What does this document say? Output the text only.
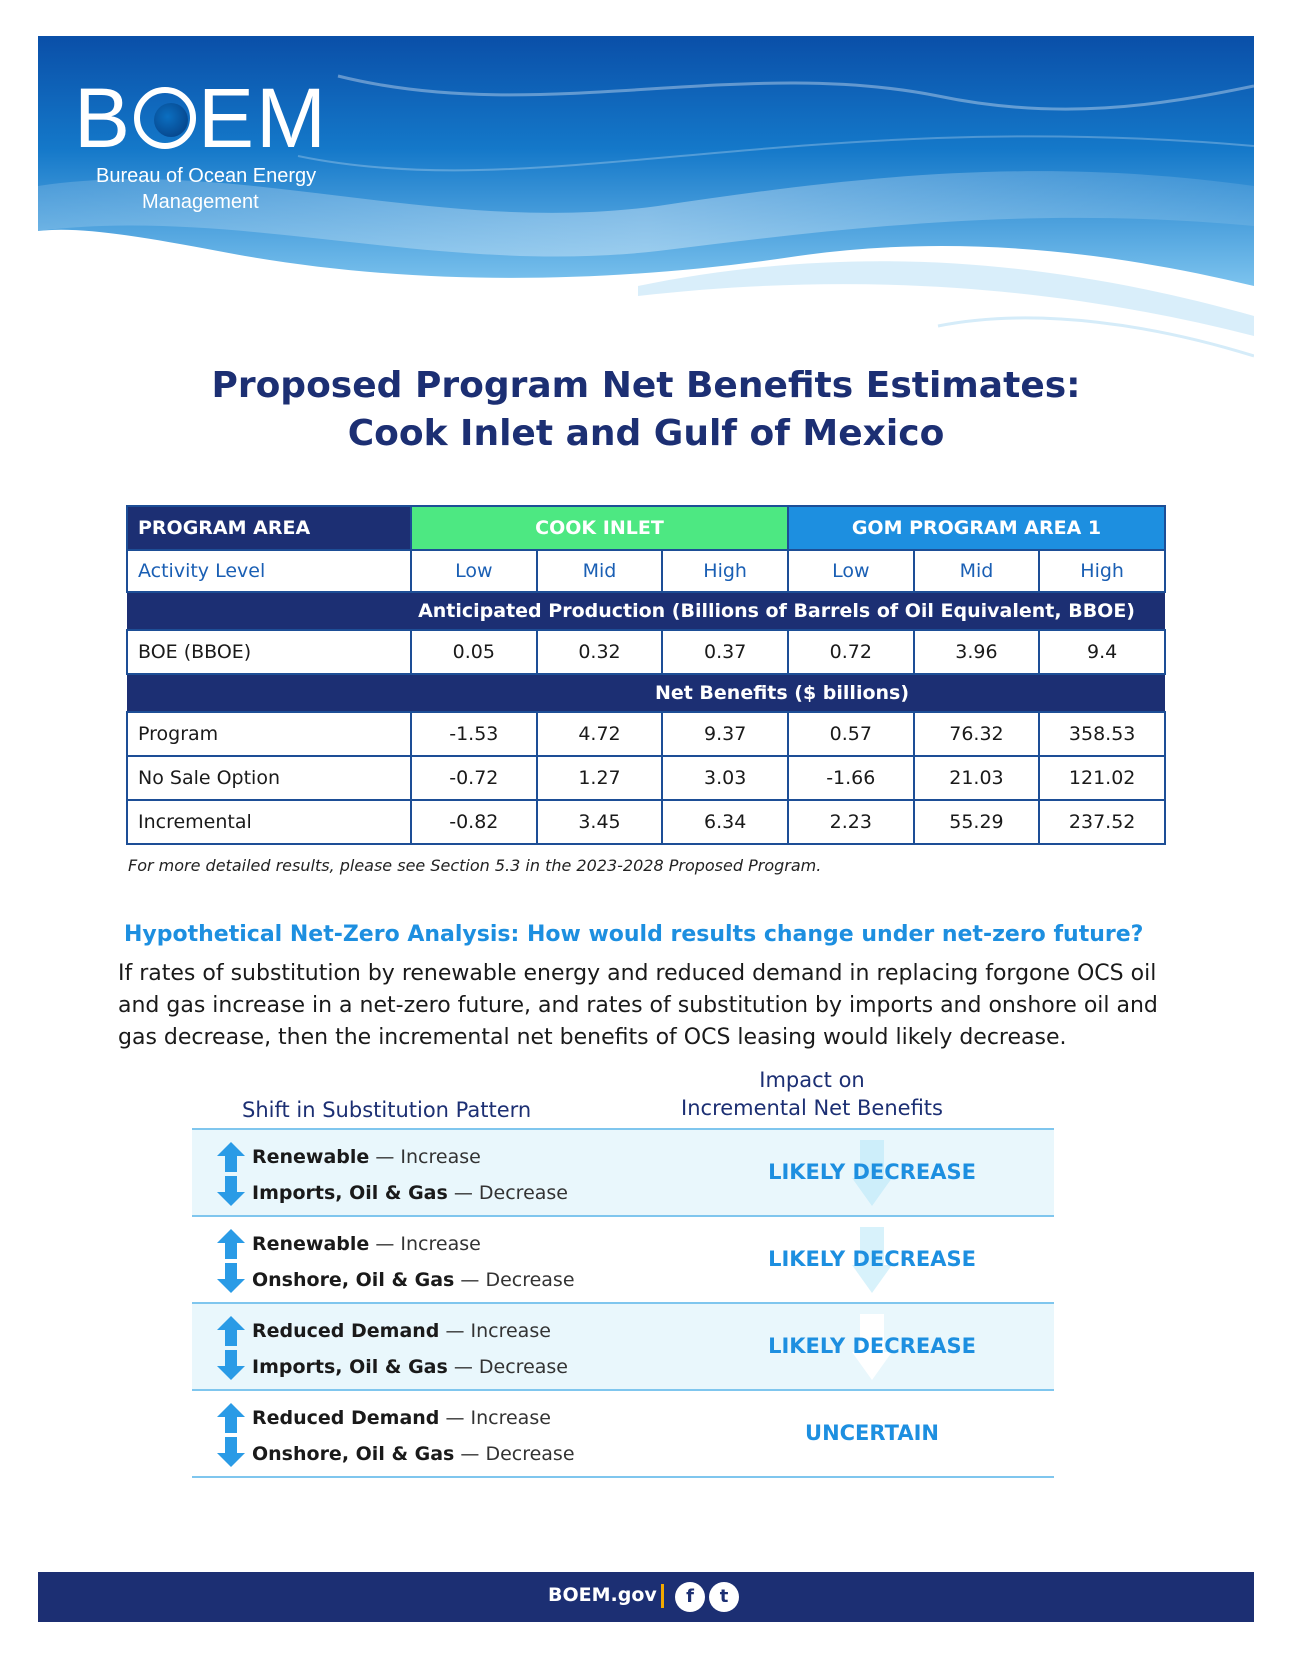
B EM
Bureau of Ocean Energy
Management
Proposed Program Net Benefits Estimates:
Cook Inlet and Gulf of Mexico
PROGRAM AREA	COOK INLET			GOM PROGRAM AREA 1		
Activity Level	Low	Mid	High	Low	Mid	High
Anticipated Production (Billions of Barrels of Oil Equivalent, BBOE)						
BOE (BBOE)	0.05	0.32	0.37	0.72	3.96	9.4
Net Benefits ($ billions)						
Program	-1.53	4.72	9.37	0.57	76.32	358.53
No Sale Option	-0.72	1.27	3.03	-1.66	21.03	121.02
Incremental	-0.82	3.45	6.34	2.23	55.29	237.52
For more detailed results, please see Section 5.3 in the 2023-2028 Proposed Program.
Hypothetical Net-Zero Analysis: How would results change under net-zero future?
If rates of substitution by renewable energy and reduced demand in replacing forgone OCS oil and gas increase in a net-zero future, and rates of substitution by imports and onshore oil and gas decrease, then the incremental net benefits of OCS leasing would likely decrease.
Shift in Substitution Pattern
Impact on
Incremental Net Benefits
Renewable — Increase
Imports, Oil & Gas — Decrease
LIKELY DECREASE
Renewable — Increase
Onshore, Oil & Gas — Decrease
LIKELY DECREASE
Reduced Demand — Increase
Imports, Oil & Gas — Decrease
LIKELY DECREASE
Reduced Demand — Increase
Onshore, Oil & Gas — Decrease
UNCERTAIN
BOEM.gov	f	t
